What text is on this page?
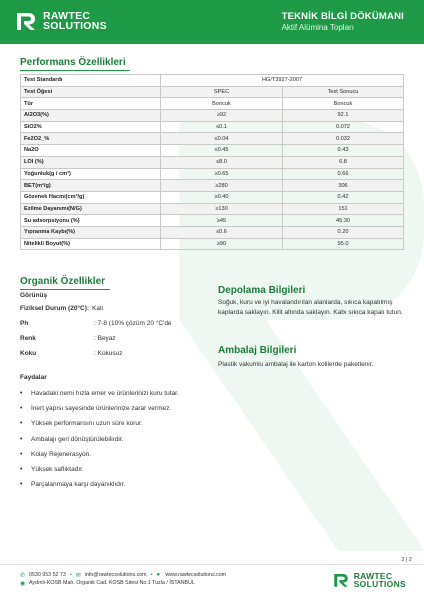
RAWTEC
SOLUTIONS
TEKNİK BİLGİ DÖKÜMANI
Aktif Alümina Topları
Performans Özellikleri
Test Standardı	HG/T3927-2007	
Test Öğesi	SPEC	Test Sonucu
Tür	Boncuk	Boncuk
Al2O3(%)	≥92	92.1
SiO2%	≤0.1	0.072
Fe2O2_%	≤0.04	0.032
Na2O	≤0.45	0.43
LOI (%)	≤8.0	6.8
Yoğunluk(g / cm³)	≥0.65	0.66
BET(m²/g)	≥280	306
Gözenek Hacmi(cm³/g)	≥0.40	0.42
Ezilme Dayanımı(N/G)	≥130	151
Su adsorpsiyonu (%)	≥45	45.30
Yıpranma Kaybı(%)	≤0.6	0.20
Nitelikli Boyut(%)	≥90	95.0
Organik Özellikler
Görünüş
Fiziksel Durum (20°C): Katı
Ph	: 7-8 (10% çözüm 20 °C'de
Renk	: Beyaz
Koku	: Kokusuz
Faydalar
•	Havadaki nemi hızla emer ve ürünlerinizi kuru tutar.
•	İnert yapısı sayesinde ürünlerinize zarar vermez.
•	Yüksek performansını uzun süre korur.
•	Ambalajı geri dönüştürülebilirdir.
•	Kolay Rejenerasyon.
•	Yüksek saflıktadır.
•	Parçalanmaya karşı dayanıklıdır.
Depolama Bilgileri
Soğuk, kuru ve iyi havalandırılan alanlarda, sıkıca kapatılmış kaplarda saklayın. Kilit altında saklayın. Kabı sıkıca kapalı tutun.
Ambalaj Bilgileri
Plastik vakumlu ambalaj ile karton kolilerde paketlenir.
2 | 2
✆ 0530 953 52 73 • ✉ info@rawtecsolutions.com • ●	www.rawtecsolutions.com
◉ Aydınlı-KOSB Mah. Organik Cad. KOSB Sitesi No:1 Tuzla / İSTANBUL
RAWTEC
SOLUTIONS
